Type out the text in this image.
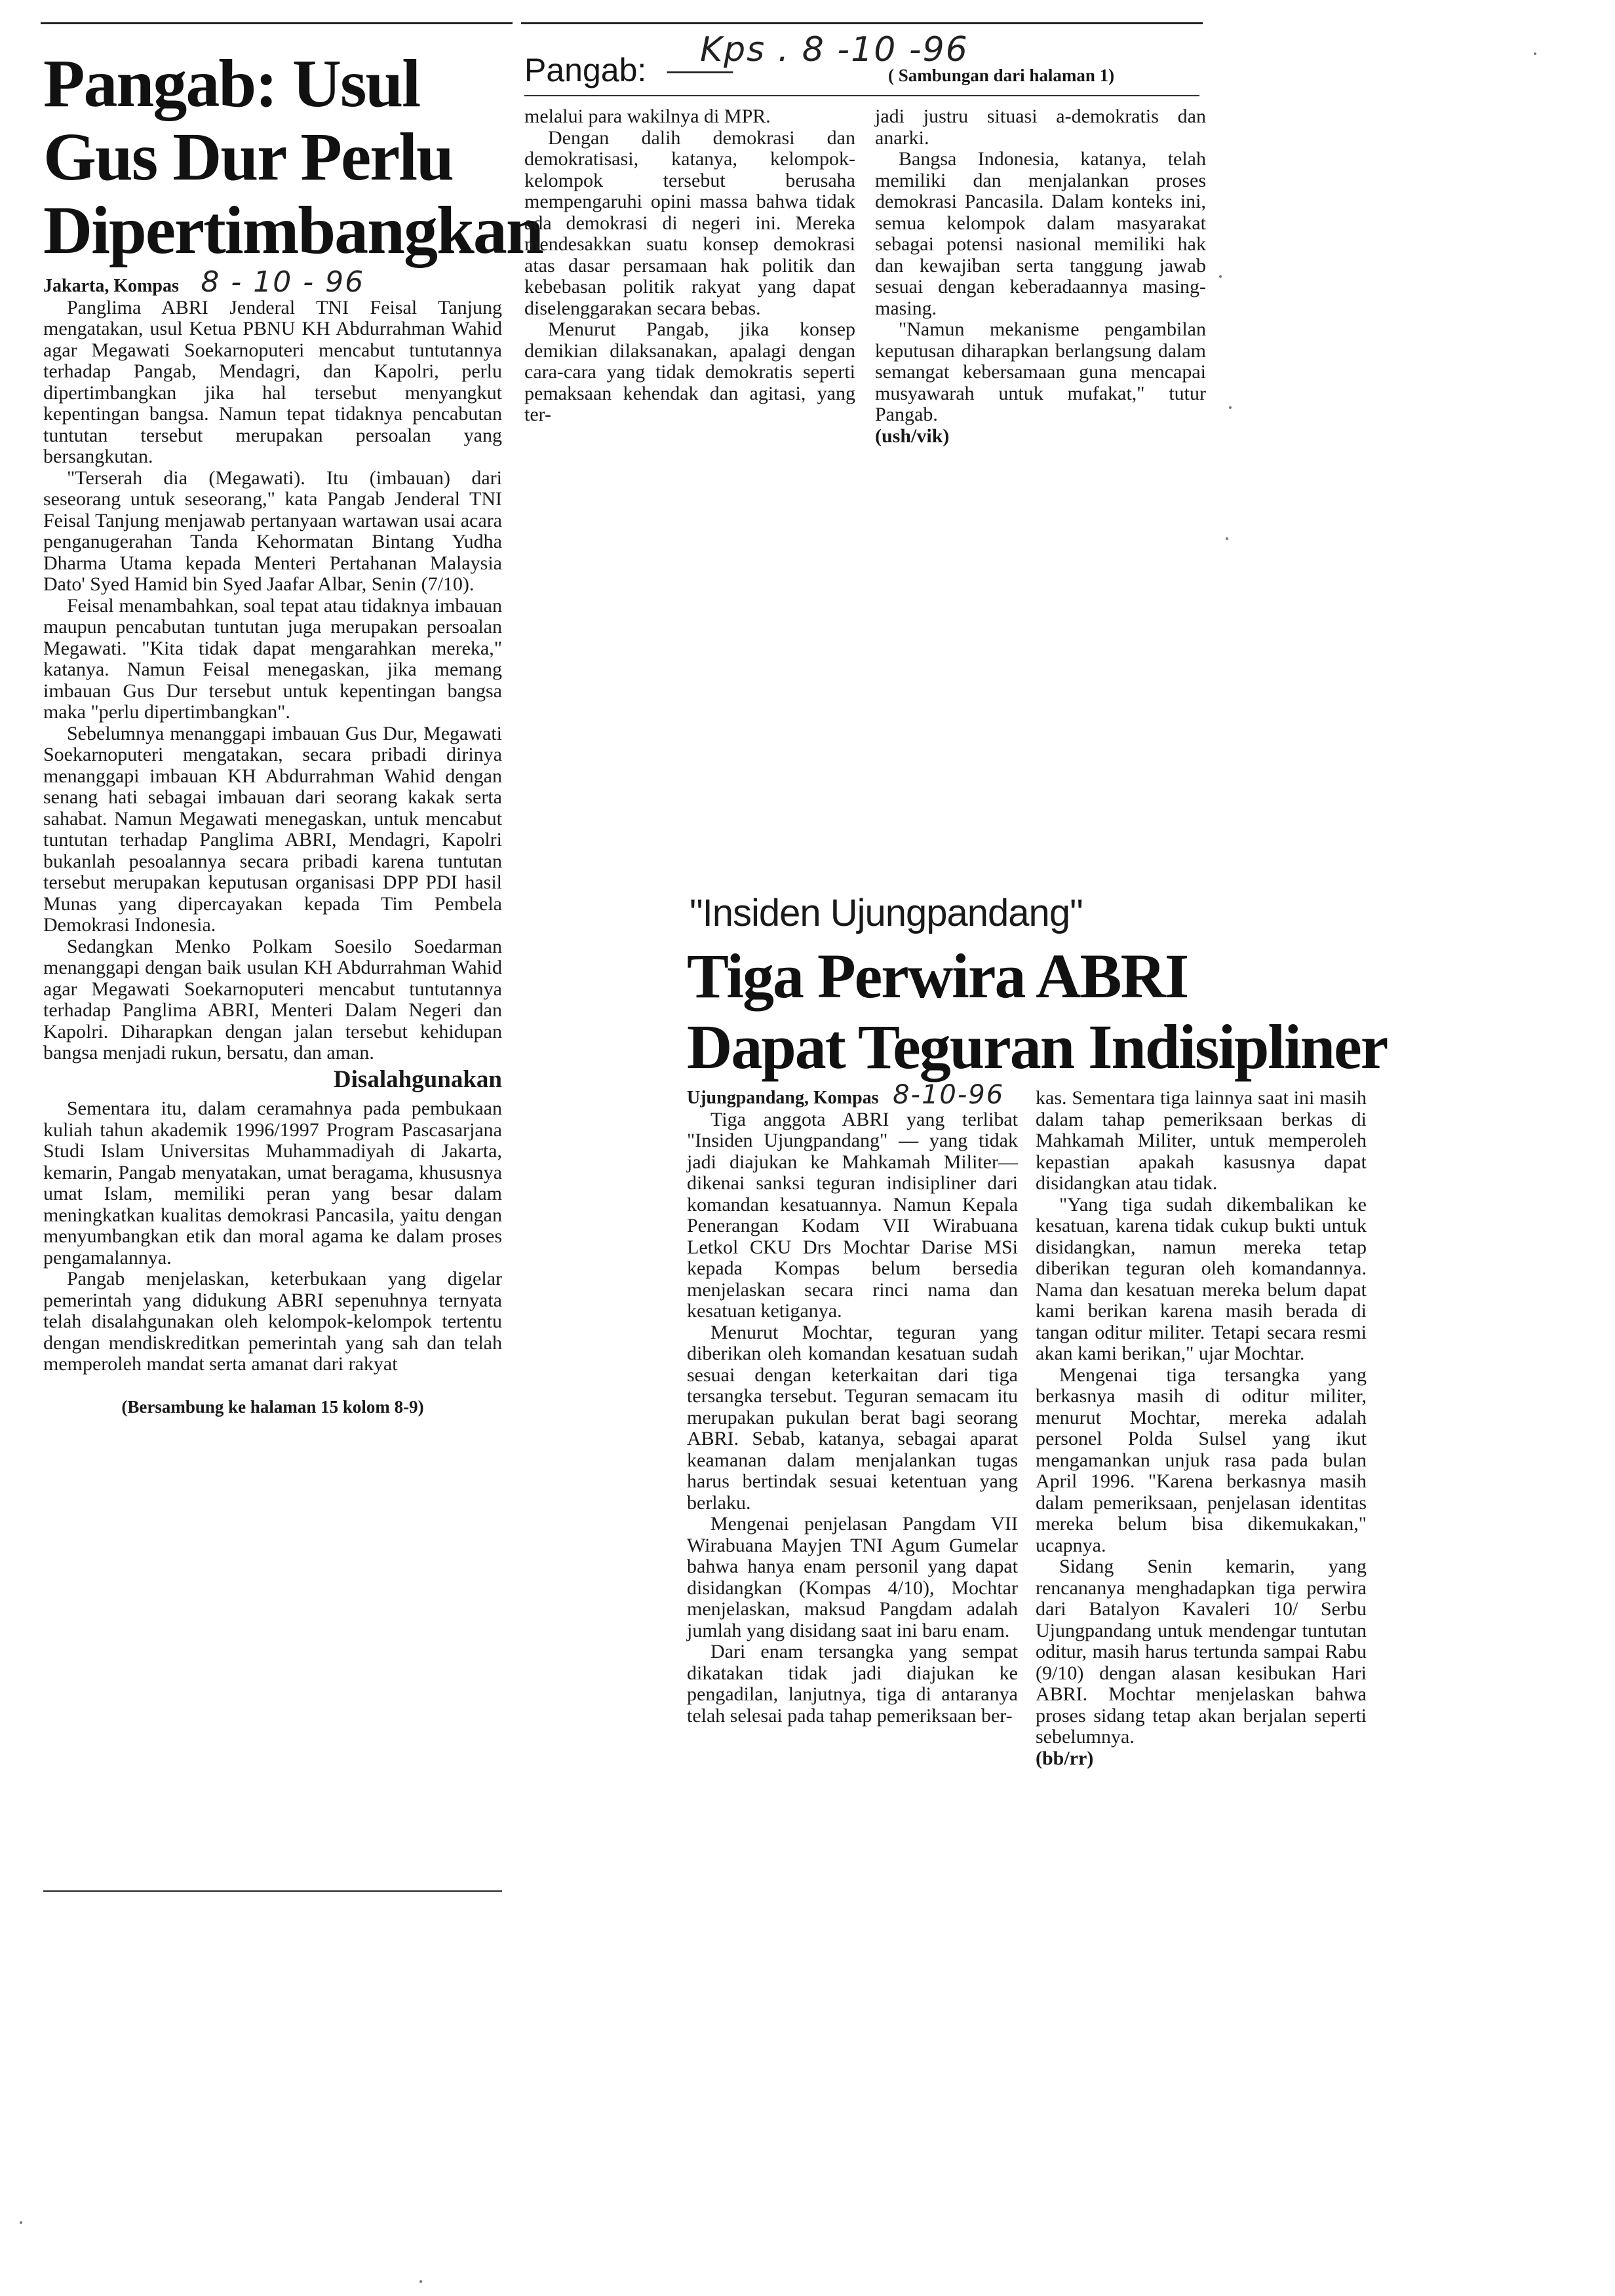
Pangab: Usul Gus Dur Perlu Dipertimbangkan
Jakarta, Kompas 8 - 10 - 96

Panglima ABRI Jenderal TNI Feisal Tanjung mengatakan, usul Ketua PBNU KH Abdurrahman Wahid agar Megawati Soekarnoputeri mencabut tuntutannya terhadap Pangab, Mendagri, dan Kapolri, perlu dipertimbangkan jika hal tersebut menyangkut kepentingan bangsa. Namun tepat tidaknya pencabutan tuntutan tersebut merupakan persoalan yang bersangkutan.

"Terserah dia (Megawati). Itu (imbauan) dari seseorang untuk seseorang," kata Pangab Jenderal TNI Feisal Tanjung menjawab pertanyaan wartawan usai acara penganugerahan Tanda Kehormatan Bintang Yudha Dharma Utama kepada Menteri Pertahanan Malaysia Dato' Syed Hamid bin Syed Jaafar Albar, Senin (7/10).

Feisal menambahkan, soal tepat atau tidaknya imbauan maupun pencabutan tuntutan juga merupakan persoalan Megawati. "Kita tidak dapat mengarahkan mereka," katanya. Namun Feisal menegaskan, jika memang imbauan Gus Dur tersebut untuk kepentingan bangsa maka "perlu dipertimbangkan".

Sebelumnya menanggapi imbauan Gus Dur, Megawati Soekarnoputeri mengatakan, secara pribadi dirinya menanggapi imbauan KH Abdurrahman Wahid dengan senang hati sebagai imbauan dari seorang kakak serta sahabat. Namun Megawati menegaskan, untuk mencabut tuntutan terhadap Panglima ABRI, Mendagri, Kapolri bukanlah pesoalannya secara pribadi karena tuntutan tersebut merupakan keputusan organisasi DPP PDI hasil Munas yang dipercayakan kepada Tim Pembela Demokrasi Indonesia.

Sedangkan Menko Polkam Soesilo Soedarman menanggapi dengan baik usulan KH Abdurrahman Wahid agar Megawati Soekarnoputeri mencabut tuntutannya terhadap Panglima ABRI, Menteri Dalam Negeri dan Kapolri. Diharapkan dengan jalan tersebut kehidupan bangsa menjadi rukun, bersatu, dan aman.

Disalahgunakan

Sementara itu, dalam ceramahnya pada pembukaan kuliah tahun akademik 1996/1997 Program Pascasarjana Studi Islam Universitas Muhammadiyah di Jakarta, kemarin, Pangab menyatakan, umat beragama, khususnya umat Islam, memiliki peran yang besar dalam meningkatkan kualitas demokrasi Pancasila, yaitu dengan menyumbangkan etik dan moral agama ke dalam proses pengamalannya.

Pangab menjelaskan, keterbukaan yang digelar pemerintah yang didukung ABRI sepenuhnya ternyata telah disalahgunakan oleh kelompok-kelompok tertentu dengan mendiskreditkan pemerintah yang sah dan telah memperoleh mandat serta amanat dari rakyat

(Bersambung ke halaman 15 kolom 8-9)
Pangab: ——
Kps . 8 -10 -96
( Sambungan dari halaman 1)

melalui para wakilnya di MPR.

Dengan dalih demokrasi dan demokratisasi, katanya, kelompok-kelompok tersebut berusaha mempengaruhi opini massa bahwa tidak ada demokrasi di negeri ini. Mereka mendesakkan suatu konsep demokrasi atas dasar persamaan hak politik dan kebebasan politik rakyat yang dapat diselenggarakan secara bebas.

Menurut Pangab, jika konsep demikian dilaksanakan, apalagi dengan cara-cara yang tidak demokratis seperti pemaksaan kehendak dan agitasi, yang ter-

jadi justru situasi a-demokratis dan anarki.

Bangsa Indonesia, katanya, telah memiliki dan menjalankan proses demokrasi Pancasila. Dalam konteks ini, semua kelompok dalam masyarakat sebagai potensi nasional memiliki hak dan kewajiban serta tanggung jawab sesuai dengan keberadaannya masing-masing.

"Namun mekanisme pengambilan keputusan diharapkan berlangsung dalam semangat kebersamaan guna mencapai musyawarah untuk mufakat," tutur Pangab.

(ush/vik)

"Insiden Ujungpandang"
Tiga Perwira ABRI
Dapat Teguran Indisipliner
Ujungpandang, Kompas 8-10-96

Tiga anggota ABRI yang terlibat "Insiden Ujungpandang" — yang tidak jadi diajukan ke Mahkamah Militer— dikenai sanksi teguran indisipliner dari komandan kesatuannya. Namun Kepala Penerangan Kodam VII Wirabuana Letkol CKU Drs Mochtar Darise MSi kepada Kompas belum bersedia menjelaskan secara rinci nama dan kesatuan ketiganya.

Menurut Mochtar, teguran yang diberikan oleh komandan kesatuan sudah sesuai dengan keterkaitan dari tiga tersangka tersebut. Teguran semacam itu merupakan pukulan berat bagi seorang ABRI. Sebab, katanya, sebagai aparat keamanan dalam menjalankan tugas harus bertindak sesuai ketentuan yang berlaku.

Mengenai penjelasan Pangdam VII Wirabuana Mayjen TNI Agum Gumelar bahwa hanya enam personil yang dapat disidangkan (Kompas 4/10), Mochtar menjelaskan, maksud Pangdam adalah jumlah yang disidang saat ini baru enam.

Dari enam tersangka yang sempat dikatakan tidak jadi diajukan ke pengadilan, lanjutnya, tiga di antaranya telah selesai pada tahap pemeriksaan ber-

kas. Sementara tiga lainnya saat ini masih dalam tahap pemeriksaan berkas di Mahkamah Militer, untuk memperoleh kepastian apakah kasusnya dapat disidangkan atau tidak.

"Yang tiga sudah dikembalikan ke kesatuan, karena tidak cukup bukti untuk disidangkan, namun mereka tetap diberikan teguran oleh komandannya. Nama dan kesatuan mereka belum dapat kami berikan karena masih berada di tangan oditur militer. Tetapi secara resmi akan kami berikan," ujar Mochtar.

Mengenai tiga tersangka yang berkasnya masih di oditur militer, menurut Mochtar, mereka adalah personel Polda Sulsel yang ikut mengamankan unjuk rasa pada bulan April 1996. "Karena berkasnya masih dalam pemeriksaan, penjelasan identitas mereka belum bisa dikemukakan," ucapnya.

Sidang Senin kemarin, yang rencananya menghadapkan tiga perwira dari Batalyon Kavaleri 10/ Serbu Ujungpandang untuk mendengar tuntutan oditur, masih harus tertunda sampai Rabu (9/10) dengan alasan kesibukan Hari ABRI. Mochtar menjelaskan bahwa proses sidang tetap akan berjalan seperti sebelumnya.

(bb/rr)
